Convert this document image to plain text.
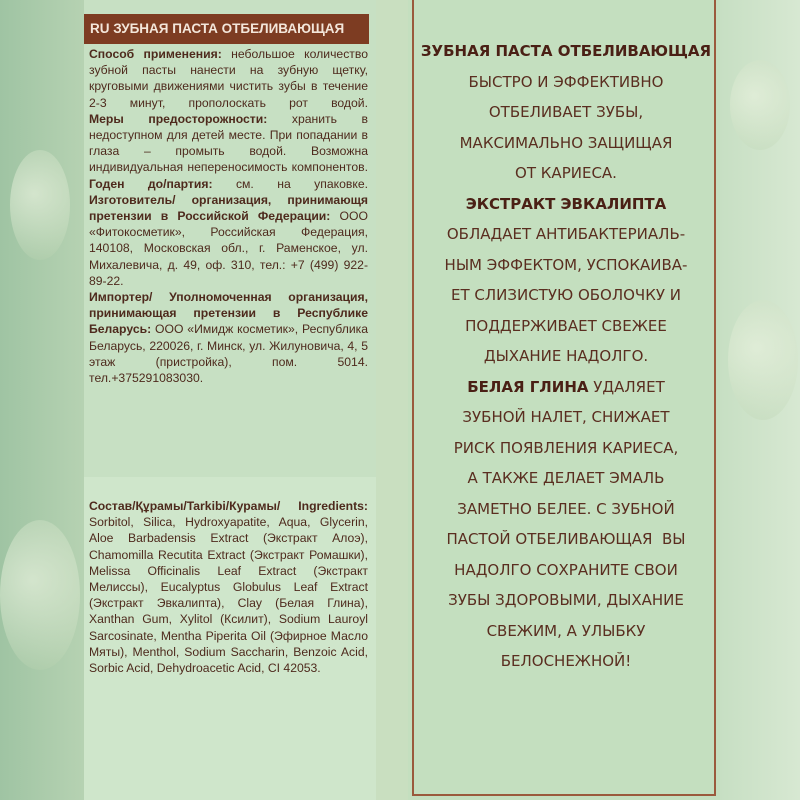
RU ЗУБНАЯ ПАСТА ОТБЕЛИВАЮЩАЯ

Способ применения: небольшое количество зубной пасты нанести на зубную щетку, круговыми движениями чистить зубы в течение 2-3 минут, прополоскать рот водой.

Меры предосторожности: хранить в недоступном для детей месте. При попадании в глаза – промыть водой. Возможна индивидуальная непереносимость компонентов. Годен до/партия: см. на упаковке.

Изготовитель/ организация, принимающя претензии в Российской Федерации: ООО «Фитокосметик», Российская Федерация, 140108, Московская обл., г. Раменское, ул. Михалевича, д. 49, оф. 310, тел.: +7 (499) 922-89-22.

Импортер/ Уполномоченная организация, принимающая претензии в Республике Беларусь: ООО «Имидж косметик», Республика Беларусь, 220026, г. Минск, ул. Жилуновича, 4, 5 этаж (пристройка), пом. 5014. тел.+375291083030.

Состав/Құрамы/Tarkibi/Курамы/ Ingredients: Sorbitol, Silica, Hydroxyapatite, Aqua, Glycerin, Aloe Barbadensis Extract (Экстракт Алоэ), Chamomilla Recutita Extract (Экстракт Ромашки), Melissa Officinalis Leaf Extract (Экстракт Мелиссы), Eucalyptus Globulus Leaf Extract (Экстракт Эвкалипта), Clay (Белая Глина), Xanthan Gum, Xylitol (Ксилит), Sodium Lauroyl Sarcosinate, Mentha Piperita Oil (Эфирное Масло Мяты), Menthol, Sodium Saccharin, Benzoic Acid, Sorbic Acid, Dehydroacetic Acid, CI 42053.

ЗУБНАЯ ПАСТА ОТБЕЛИВАЮЩАЯ
БЫСТРО И ЭФФЕКТИВНО
ОТБЕЛИВАЕТ ЗУБЫ,
МАКСИМАЛЬНО ЗАЩИЩАЯ
ОТ КАРИЕСА.
ЭКСТРАКТ ЭВКАЛИПТА
ОБЛАДАЕТ АНТИБАКТЕРИАЛЬ-
НЫМ ЭФФЕКТОМ, УСПОКАИВА-
ЕТ СЛИЗИСТУЮ ОБОЛОЧКУ И
ПОДДЕРЖИВАЕТ СВЕЖЕЕ
ДЫХАНИЕ НАДОЛГО.
БЕЛАЯ ГЛИНА УДАЛЯЕТ
ЗУБНОЙ НАЛЕТ, СНИЖАЕТ
РИСК ПОЯВЛЕНИЯ КАРИЕСА,
А ТАКЖЕ ДЕЛАЕТ ЭМАЛЬ
ЗАМЕТНО БЕЛЕЕ. С ЗУБНОЙ
ПАСТОЙ ОТБЕЛИВАЮЩАЯ  ВЫ
НАДОЛГО СОХРАНИТЕ СВОИ
ЗУБЫ ЗДОРОВЫМИ, ДЫХАНИЕ
СВЕЖИМ, А УЛЫБКУ
БЕЛОСНЕЖНОЙ!
